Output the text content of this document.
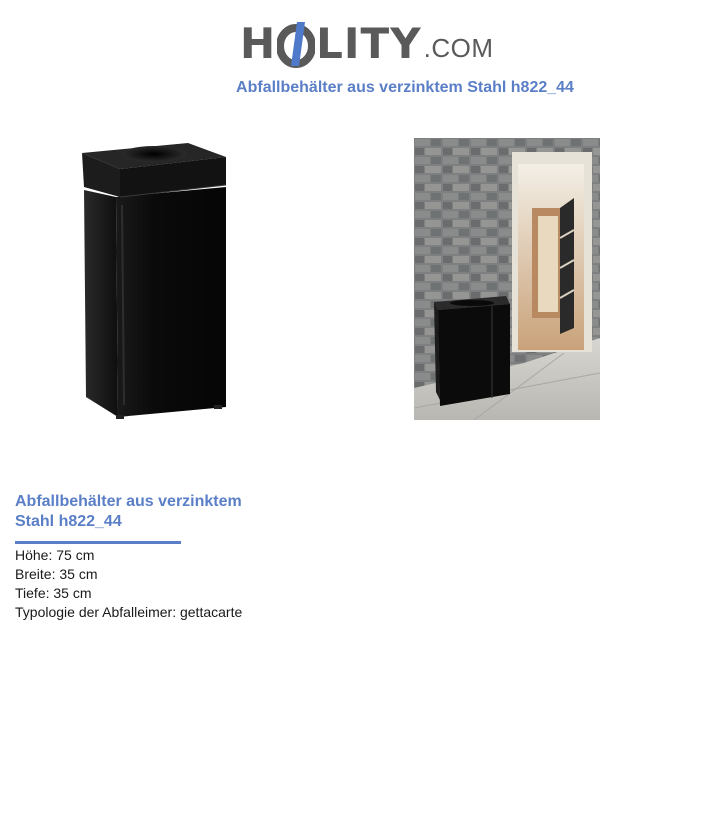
H LITY .COM
Abfallbehälter aus verzinktem Stahl h822_44
Abfallbehälter aus verzinktem Stahl h822_44
Höhe: 75 cm
Breite: 35 cm
Tiefe: 35 cm
Typologie der Abfalleimer: gettacarte
